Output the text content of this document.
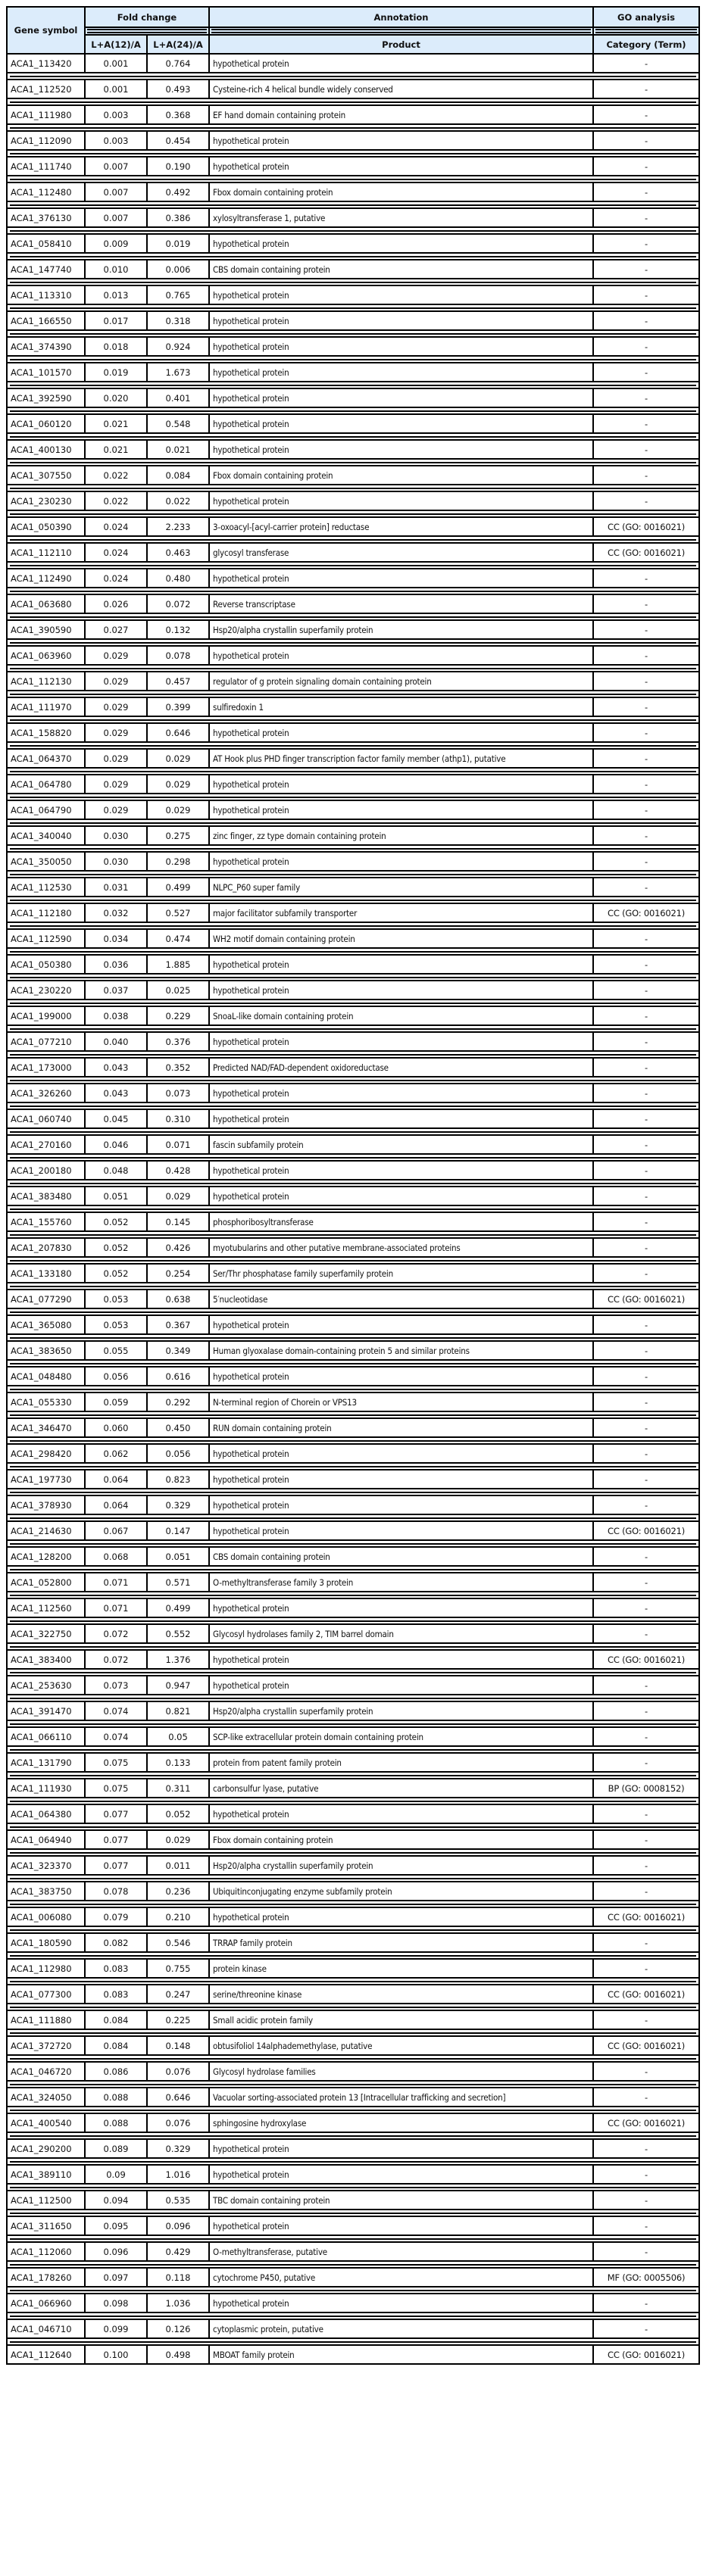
Gene symbol	Fold change		Annotation	GO analysis

	L+A(12)/A	L+A(24)/A	Product	Category (Term)
ACA1_113420	0.001	0.764	hypothetical protein	-

ACA1_112520	0.001	0.493	Cysteine-rich 4 helical bundle widely conserved	-

ACA1_111980	0.003	0.368	EF hand domain containing protein	-

ACA1_112090	0.003	0.454	hypothetical protein	-

ACA1_111740	0.007	0.190	hypothetical protein	-

ACA1_112480	0.007	0.492	Fbox domain containing protein	-

ACA1_376130	0.007	0.386	xylosyltransferase 1, putative	-

ACA1_058410	0.009	0.019	hypothetical protein	-

ACA1_147740	0.010	0.006	CBS domain containing protein	-

ACA1_113310	0.013	0.765	hypothetical protein	-

ACA1_166550	0.017	0.318	hypothetical protein	-

ACA1_374390	0.018	0.924	hypothetical protein	-

ACA1_101570	0.019	1.673	hypothetical protein	-

ACA1_392590	0.020	0.401	hypothetical protein	-

ACA1_060120	0.021	0.548	hypothetical protein	-

ACA1_400130	0.021	0.021	hypothetical protein	-

ACA1_307550	0.022	0.084	Fbox domain containing protein	-

ACA1_230230	0.022	0.022	hypothetical protein	-

ACA1_050390	0.024	2.233	3-oxoacyl-[acyl-carrier protein] reductase	CC (GO: 0016021)

ACA1_112110	0.024	0.463	glycosyl transferase	CC (GO: 0016021)

ACA1_112490	0.024	0.480	hypothetical protein	-

ACA1_063680	0.026	0.072	Reverse transcriptase	-

ACA1_390590	0.027	0.132	Hsp20/alpha crystallin superfamily protein	-

ACA1_063960	0.029	0.078	hypothetical protein	-

ACA1_112130	0.029	0.457	regulator of g protein signaling domain containing protein	-

ACA1_111970	0.029	0.399	sulfiredoxin 1	-

ACA1_158820	0.029	0.646	hypothetical protein	-

ACA1_064370	0.029	0.029	AT Hook plus PHD finger transcription factor family member (athp1), putative	-

ACA1_064780	0.029	0.029	hypothetical protein	-

ACA1_064790	0.029	0.029	hypothetical protein	-

ACA1_340040	0.030	0.275	zinc finger, zz type domain containing protein	-

ACA1_350050	0.030	0.298	hypothetical protein	-

ACA1_112530	0.031	0.499	NLPC_P60 super family	-

ACA1_112180	0.032	0.527	major facilitator subfamily transporter	CC (GO: 0016021)

ACA1_112590	0.034	0.474	WH2 motif domain containing protein	-

ACA1_050380	0.036	1.885	hypothetical protein	-

ACA1_230220	0.037	0.025	hypothetical protein	-

ACA1_199000	0.038	0.229	SnoaL-like domain containing protein	-

ACA1_077210	0.040	0.376	hypothetical protein	-

ACA1_173000	0.043	0.352	Predicted NAD/FAD-dependent oxidoreductase	-

ACA1_326260	0.043	0.073	hypothetical protein	-

ACA1_060740	0.045	0.310	hypothetical protein	-

ACA1_270160	0.046	0.071	fascin subfamily protein	-

ACA1_200180	0.048	0.428	hypothetical protein	-

ACA1_383480	0.051	0.029	hypothetical protein	-

ACA1_155760	0.052	0.145	phosphoribosyltransferase	-

ACA1_207830	0.052	0.426	myotubularins and other putative membrane-associated proteins	-

ACA1_133180	0.052	0.254	Ser/Thr phosphatase family superfamily protein	-

ACA1_077290	0.053	0.638	5′nucleotidase	CC (GO: 0016021)

ACA1_365080	0.053	0.367	hypothetical protein	-

ACA1_383650	0.055	0.349	Human glyoxalase domain-containing protein 5 and similar proteins	-

ACA1_048480	0.056	0.616	hypothetical protein	-

ACA1_055330	0.059	0.292	N-terminal region of Chorein or VPS13	-

ACA1_346470	0.060	0.450	RUN domain containing protein	-

ACA1_298420	0.062	0.056	hypothetical protein	-

ACA1_197730	0.064	0.823	hypothetical protein	-

ACA1_378930	0.064	0.329	hypothetical protein	-

ACA1_214630	0.067	0.147	hypothetical protein	CC (GO: 0016021)

ACA1_128200	0.068	0.051	CBS domain containing protein	-

ACA1_052800	0.071	0.571	O-methyltransferase family 3 protein	-

ACA1_112560	0.071	0.499	hypothetical protein	-

ACA1_322750	0.072	0.552	Glycosyl hydrolases family 2, TIM barrel domain	-

ACA1_383400	0.072	1.376	hypothetical protein	CC (GO: 0016021)

ACA1_253630	0.073	0.947	hypothetical protein	-

ACA1_391470	0.074	0.821	Hsp20/alpha crystallin superfamily protein	-

ACA1_066110	0.074	0.05	SCP-like extracellular protein domain containing protein	-

ACA1_131790	0.075	0.133	protein from patent family protein	-

ACA1_111930	0.075	0.311	carbonsulfur lyase, putative	BP (GO: 0008152)

ACA1_064380	0.077	0.052	hypothetical protein	-

ACA1_064940	0.077	0.029	Fbox domain containing protein	-

ACA1_323370	0.077	0.011	Hsp20/alpha crystallin superfamily protein	-

ACA1_383750	0.078	0.236	Ubiquitinconjugating enzyme subfamily protein	-

ACA1_006080	0.079	0.210	hypothetical protein	CC (GO: 0016021)

ACA1_180590	0.082	0.546	TRRAP family protein	-

ACA1_112980	0.083	0.755	protein kinase	-

ACA1_077300	0.083	0.247	serine/threonine kinase	CC (GO: 0016021)

ACA1_111880	0.084	0.225	Small acidic protein family	-

ACA1_372720	0.084	0.148	obtusifoliol 14alphademethylase, putative	CC (GO: 0016021)

ACA1_046720	0.086	0.076	Glycosyl hydrolase families	-

ACA1_324050	0.088	0.646	Vacuolar sorting-associated protein 13 [Intracellular trafficking and secretion]	-

ACA1_400540	0.088	0.076	sphingosine hydroxylase	CC (GO: 0016021)

ACA1_290200	0.089	0.329	hypothetical protein	-

ACA1_389110	0.09	1.016	hypothetical protein	-

ACA1_112500	0.094	0.535	TBC domain containing protein	-

ACA1_311650	0.095	0.096	hypothetical protein	-

ACA1_112060	0.096	0.429	O-methyltransferase, putative	-

ACA1_178260	0.097	0.118	cytochrome P450, putative	MF (GO: 0005506)

ACA1_066960	0.098	1.036	hypothetical protein	-

ACA1_046710	0.099	0.126	cytoplasmic protein, putative	-

ACA1_112640	0.100	0.498	MBOAT family protein	CC (GO: 0016021)
